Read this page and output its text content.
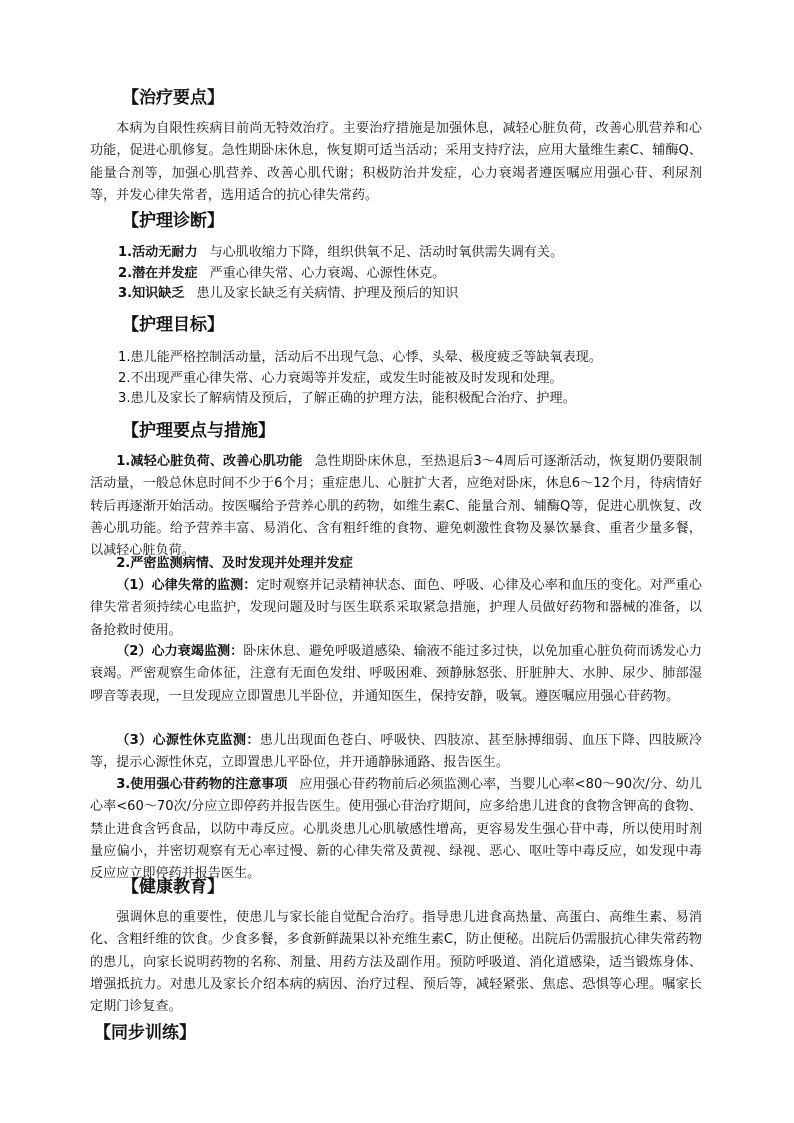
【治疗要点】

本病为自限性疾病目前尚无特效治疗。主要治疗措施是加强休息，减轻心脏负荷，改善心肌营养和心功能，促进心肌修复。急性期卧床休息，恢复期可适当活动；采用支持疗法，应用大量维生素C、辅酶Q、能量合剂等，加强心肌营养、改善心肌代谢；积极防治并发症，心力衰竭者遵医嘱应用强心苷、利尿剂等，并发心律失常者，选用适合的抗心律失常药。

【护理诊断】
1.活动无耐力 与心肌收缩力下降，组织供氧不足、活动时氧供需失调有关。
2.潜在并发症 严重心律失常、心力衰竭、心源性休克。
3.知识缺乏 患儿及家长缺乏有关病情、护理及预后的知识
【护理目标】
1.患儿能严格控制活动量，活动后不出现气急、心悸、头晕、极度疲乏等缺氧表现。
2.不出现严重心律失常、心力衰竭等并发症，或发生时能被及时发现和处理。
3.患儿及家长了解病情及预后，了解正确的护理方法，能积极配合治疗、护理。
【护理要点与措施】

1.减轻心脏负荷、改善心肌功能 急性期卧床休息，至热退后3～4周后可逐渐活动，恢复期仍要限制活动量，一般总休息时间不少于6个月；重症患儿、心脏扩大者，应绝对卧床，休息6～12个月，待病情好转后再逐渐开始活动。按医嘱给予营养心肌的药物，如维生素C、能量合剂、辅酶Q等，促进心肌恢复、改善心肌功能。给予营养丰富、易消化、含有粗纤维的食物、避免刺激性食物及暴饮暴食、重者少量多餐，以减轻心脏负荷。

2.严密监测病情、及时发现并处理并发症

（1）心律失常的监测：定时观察并记录精神状态、面色、呼吸、心律及心率和血压的变化。对严重心律失常者须持续心电监护，发现问题及时与医生联系采取紧急措施，护理人员做好药物和器械的准备，以备抢救时使用。

（2）心力衰竭监测：卧床休息、避免呼吸道感染、输液不能过多过快，以免加重心脏负荷而诱发心力衰竭。严密观察生命体征，注意有无面色发绀、呼吸困难、颈静脉怒张、肝脏肿大、水肿、尿少、肺部湿啰音等表现，一旦发现应立即置患儿半卧位，并通知医生，保持安静，吸氧。遵医嘱应用强心苷药物。

（3）心源性休克监测：患儿出现面色苍白、呼吸快、四肢凉、甚至脉搏细弱、血压下降、四肢厥冷等，提示心源性休克，立即置患儿平卧位，并开通静脉通路、报告医生。

3.使用强心苷药物的注意事项 应用强心苷药物前后必须监测心率，当婴儿心率<80～90次/分、幼儿心率<60～70次/分应立即停药并报告医生。使用强心苷治疗期间，应多给患儿进食的食物含钾高的食物、禁止进食含钙食品，以防中毒反应。心肌炎患儿心肌敏感性增高，更容易发生强心苷中毒，所以使用时剂量应偏小，并密切观察有无心率过慢、新的心律失常及黄视、绿视、恶心、呕吐等中毒反应，如发现中毒反应应立即停药并报告医生。

【健康教育】

强调休息的重要性，使患儿与家长能自觉配合治疗。指导患儿进食高热量、高蛋白、高维生素、易消化、含粗纤维的饮食。少食多餐，多食新鲜蔬果以补充维生素C，防止便秘。出院后仍需服抗心律失常药物的患儿，向家长说明药物的名称、剂量、用药方法及副作用。预防呼吸道、消化道感染，适当锻炼身体、增强抵抗力。对患儿及家长介绍本病的病因、治疗过程、预后等，减轻紧张、焦虑、恐惧等心理。嘱家长定期门诊复查。

【同步训练】
